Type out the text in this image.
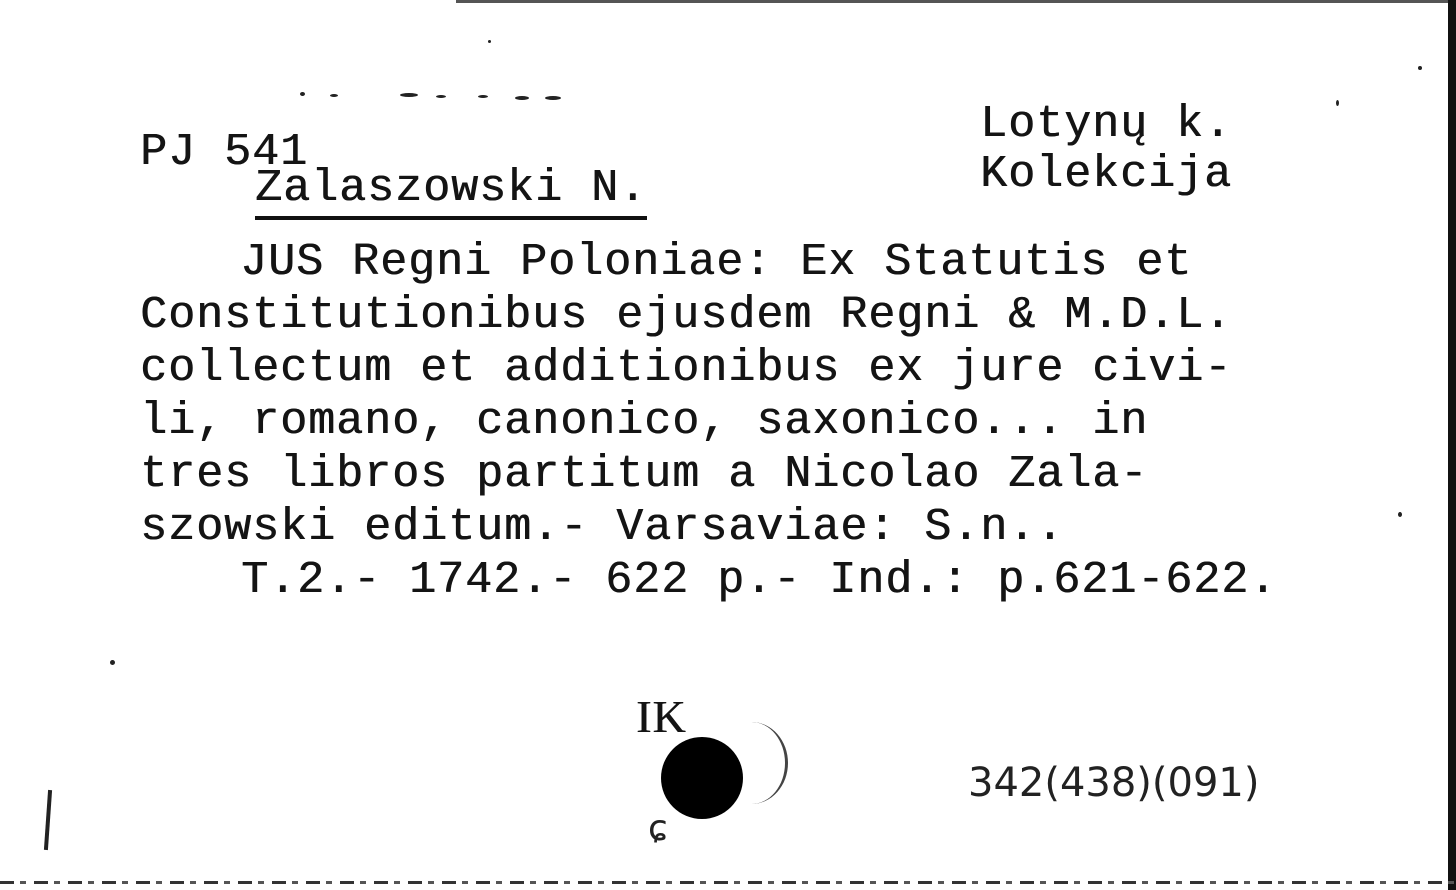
PJ 541
Zalaszowski N.
Lotynų k.
Kolekcija
JUS Regni Poloniae: Ex Statutis et
Constitutionibus ejusdem Regni & M.D.L.
collectum et additionibus ex jure civi-
li, romano, canonico, saxonico... in
tres libros partitum a Nicolao Zala-
szowski editum.- Varsaviae: S.n..
T.2.- 1742.- 622 p.- Ind.: p.621-622.
IK
ɕ
342(438)(091)
